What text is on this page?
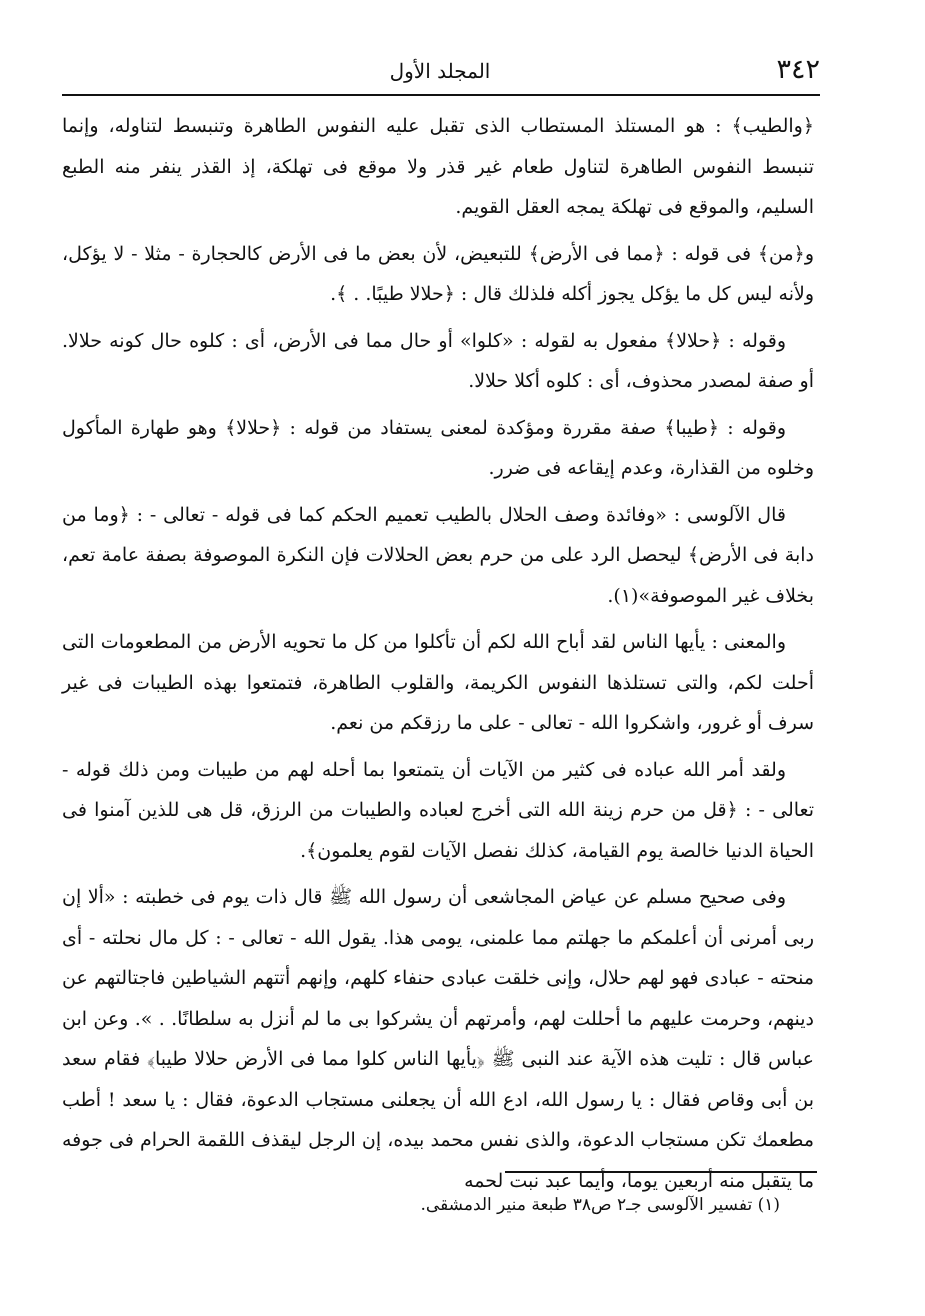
٣٤٢
المجلد الأول

﴿والطيب﴾ : هو المستلذ المستطاب الذى تقبل عليه النفوس الطاهرة وتنبسط لتناوله، وإنما تنبسط النفوس الطاهرة لتناول طعام غير قذر ولا موقع فى تهلكة، إذ القذر ينفر منه الطبع السليم، والموقع فى تهلكة يمجه العقل القويم.

و﴿من﴾ فى قوله : ﴿مما فى الأرض﴾ للتبعيض، لأن بعض ما فى الأرض كالحجارة - مثلا - لا يؤكل، ولأنه ليس كل ما يؤكل يجوز أكله فلذلك قال : ﴿حلالا طيبًا. . ﴾.

وقوله : ﴿حلالا﴾ مفعول به لقوله : «كلوا» أو حال مما فى الأرض، أى : كلوه حال كونه حلالا. أو صفة لمصدر محذوف، أى : كلوه أكلا حلالا.

وقوله : ﴿طيبا﴾ صفة مقررة ومؤكدة لمعنى يستفاد من قوله : ﴿حلالا﴾ وهو طهارة المأكول وخلوه من القذارة، وعدم إيقاعه فى ضرر.

قال الآلوسى : «وفائدة وصف الحلال بالطيب تعميم الحكم كما فى قوله - تعالى - : ﴿وما من دابة فى الأرض﴾ ليحصل الرد على من حرم بعض الحلالات فإن النكرة الموصوفة بصفة عامة تعم، بخلاف غير الموصوفة»(١).

والمعنى : يأيها الناس لقد أباح الله لكم أن تأكلوا من كل ما تحويه الأرض من المطعومات التى أحلت لكم، والتى تستلذها النفوس الكريمة، والقلوب الطاهرة، فتمتعوا بهذه الطيبات فى غير سرف أو غرور، واشكروا الله - تعالى - على ما رزقكم من نعم.

ولقد أمر الله عباده فى كثير من الآيات أن يتمتعوا بما أحله لهم من طيبات ومن ذلك قوله - تعالى - : ﴿قل من حرم زينة الله التى أخرج لعباده والطيبات من الرزق، قل هى للذين آمنوا فى الحياة الدنيا خالصة يوم القيامة، كذلك نفصل الآيات لقوم يعلمون﴾.

وفى صحيح مسلم عن عياض المجاشعى أن رسول الله ﷺ قال ذات يوم فى خطبته : «ألا إن ربى أمرنى أن أعلمكم ما جهلتم مما علمنى، يومى هذا. يقول الله - تعالى - : كل مال نحلته - أى منحته - عبادى فهو لهم حلال، وإنى خلقت عبادى حنفاء كلهم، وإنهم أتتهم الشياطين فاجتالتهم عن دينهم، وحرمت عليهم ما أحللت لهم، وأمرتهم أن يشركوا بى ما لم أنزل به سلطانًا. . ». وعن ابن عباس قال : تليت هذه الآية عند النبى ﷺ ﴿يأيها الناس كلوا مما فى الأرض حلالا طيبا﴾ فقام سعد بن أبى وقاص فقال : يا رسول الله، ادع الله أن يجعلنى مستجاب الدعوة، فقال : يا سعد ! أطب مطعمك تكن مستجاب الدعوة، والذى نفس محمد بيده، إن الرجل ليقذف اللقمة الحرام فى جوفه ما يتقبل منه أربعين يوما، وأيما عبد نبت لحمه

(١) تفسير الآلوسى جـ٢ ص٣٨ طبعة منير الدمشقى.
